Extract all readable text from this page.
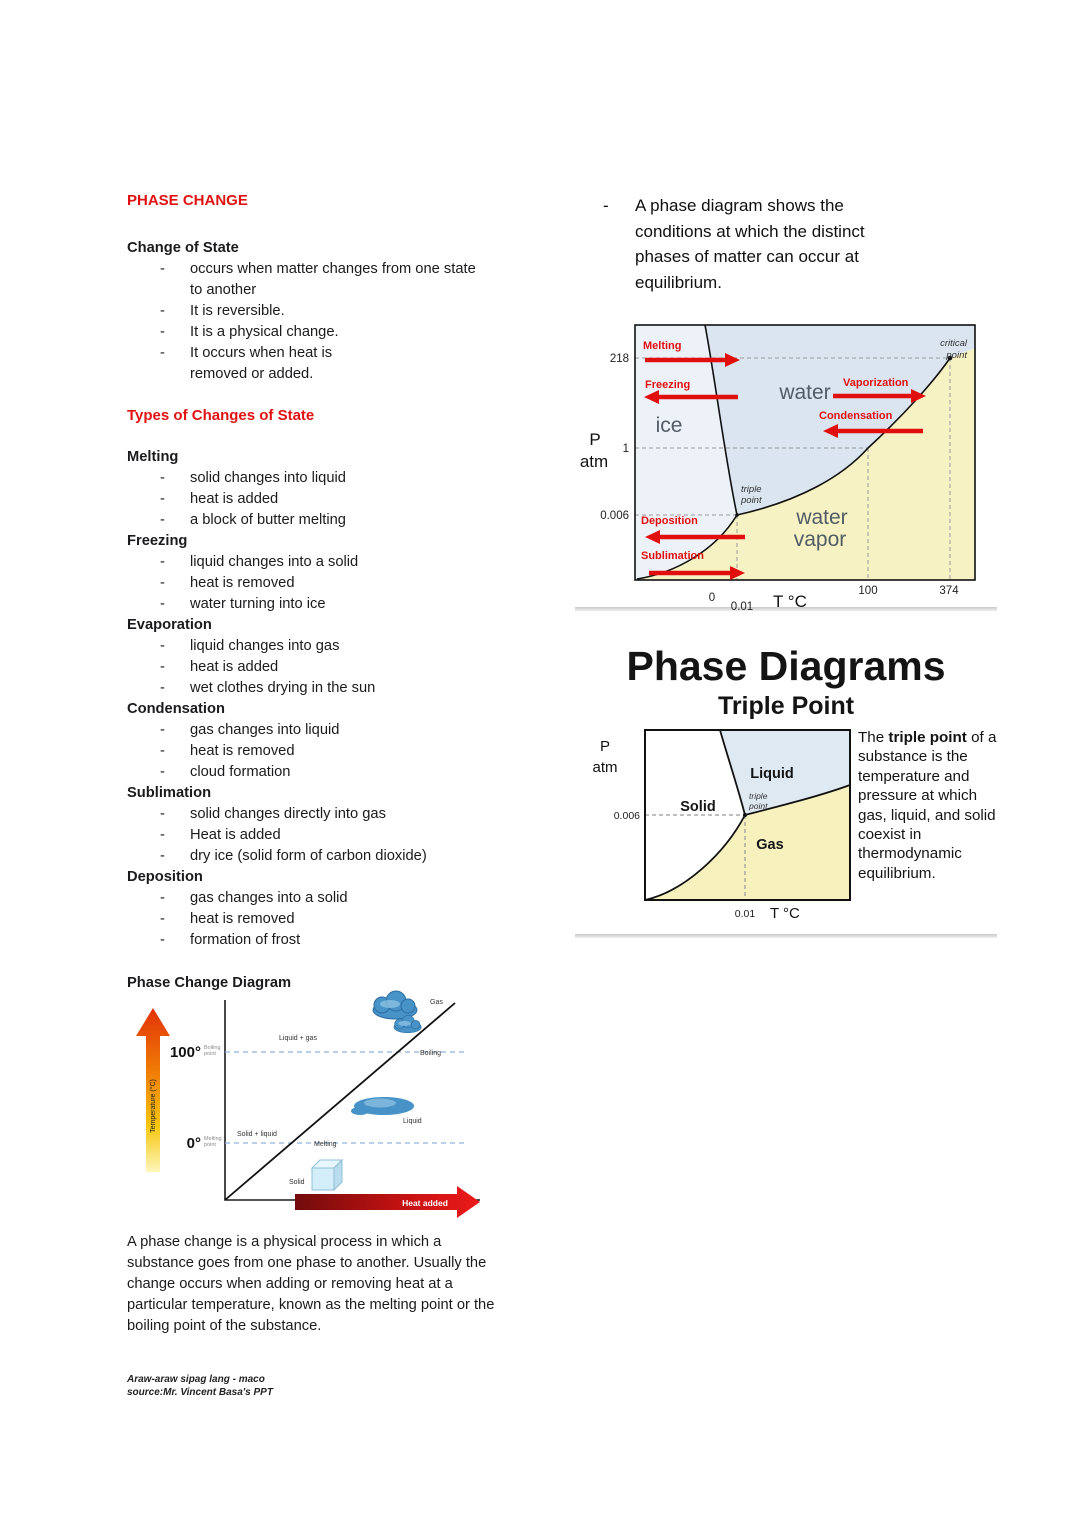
PHASE CHANGE
Change of State
-	occurs when matter changes from one state to another
-	It is reversible.
-	It is a physical change.
-	It occurs when heat is removed or added.
Types of Changes of State
Melting
-	solid changes into liquid
-	heat is added
-	a block of butter melting
Freezing
-	liquid changes into a solid
-	heat is removed
-	water turning into ice
Evaporation
-	liquid changes into gas
-	heat is added
-	wet clothes drying in the sun
Condensation
-	gas changes into liquid
-	heat is removed
-	cloud formation
Sublimation
-	solid changes directly into gas
-	Heat is added
-	dry ice (solid form of carbon dioxide)
Deposition
-	gas changes into a solid
-	heat is removed
-	formation of frost
Phase Change Diagram
Temperature (°C)
100° Boiling
point
0° Melting
point
Liquid + gas
Boiling
Solid + liquid
Melting
Liquid
Solid
Gas
Heat added

A phase change is a physical process in which a substance goes from one phase to another. Usually the change occurs when adding or removing heat at a particular temperature, known as the melting point or the boiling point of the substance.

Araw-araw sipag lang - maco
source:Mr. Vincent Basa's PPT
-	A phase diagram shows the conditions at which the distinct phases of matter can occur at equilibrium.

Melting
Freezing	Vaporization
Condensation
Deposition
Sublimation
water
ice
water
vapor
triple
point
critical
point
218
1
0.006
0
0.01
100	374
P
atm
T °C
Phase Diagrams
Triple Point
Liquid
Solid
Gas
triple
point
0.006
0.01
P
atm
T °C

The triple point of a substance is the temperature and pressure at which gas, liquid, and solid coexist in thermodynamic equilibrium.
